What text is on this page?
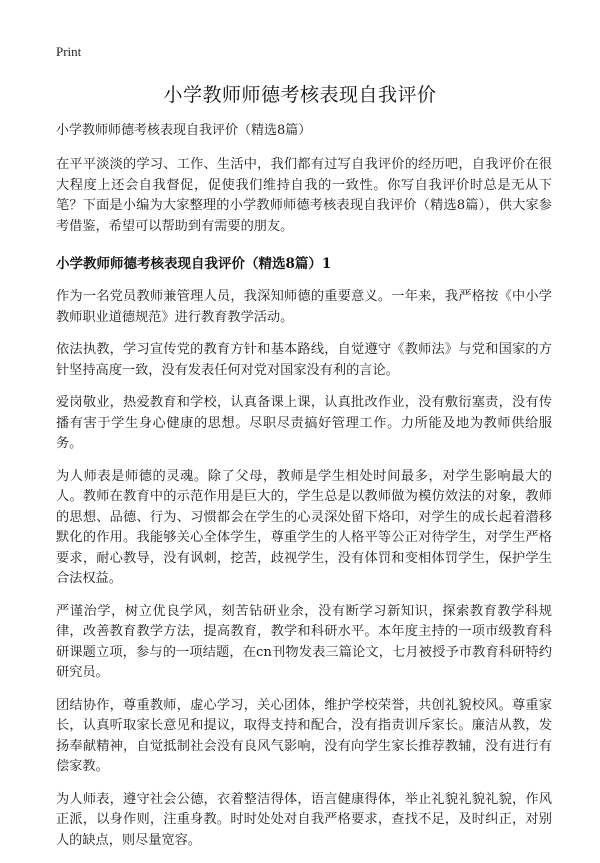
Print
小学教师师德考核表现自我评价

小学教师师德考核表现自我评价（精选8篇）

在平平淡淡的学习、工作、生活中，我们都有过写自我评价的经历吧，自我评价在很大程度上还会自我督促，促使我们维持自我的一致性。你写自我评价时总是无从下笔？下面是小编为大家整理的小学教师师德考核表现自我评价（精选8篇），供大家参考借鉴，希望可以帮助到有需要的朋友。

小学教师师德考核表现自我评价（精选8篇）1

作为一名党员教师兼管理人员，我深知师德的重要意义。一年来，我严格按《中小学教师职业道德规范》进行教育教学活动。

依法执教，学习宣传党的教育方针和基本路线，自觉遵守《教师法》与党和国家的方针坚持高度一致，没有发表任何对党对国家没有利的言论。

爱岗敬业，热爱教育和学校，认真备课上课，认真批改作业，没有敷衍塞责，没有传播有害于学生身心健康的思想。尽职尽责搞好管理工作。力所能及地为教师供给服务。

为人师表是师德的灵魂。除了父母，教师是学生相处时间最多，对学生影响最大的人。教师在教育中的示范作用是巨大的，学生总是以教师做为模仿效法的对象，教师的思想、品德、行为、习惯都会在学生的心灵深处留下烙印，对学生的成长起着潜移默化的作用。我能够关心全体学生，尊重学生的人格平等公正对待学生，对学生严格要求，耐心教导，没有讽刺，挖苦，歧视学生，没有体罚和变相体罚学生，保护学生合法权益。

严谨治学，树立优良学风，刻苦钻研业余，没有断学习新知识，探索教育教学科规律，改善教育教学方法，提高教育，教学和科研水平。本年度主持的一项市级教育科研课题立项，参与的一项结题，在cn刊物发表三篇论文，七月被授予市教育科研特约研究员。

团结协作，尊重教师，虚心学习，关心团体，维护学校荣誉，共创礼貌校风。尊重家长，认真听取家长意见和提议，取得支持和配合，没有指责训斥家长。廉洁从教，发扬奉献精神，自觉抵制社会没有良风气影响，没有向学生家长推荐教辅，没有进行有偿家教。

为人师表，遵守社会公德，衣着整洁得体，语言健康得体，举止礼貌礼貌礼貌，作风正派，以身作则，注重身教。时时处处对自我严格要求，查找不足，及时纠正，对别人的缺点，则尽量宽容。
